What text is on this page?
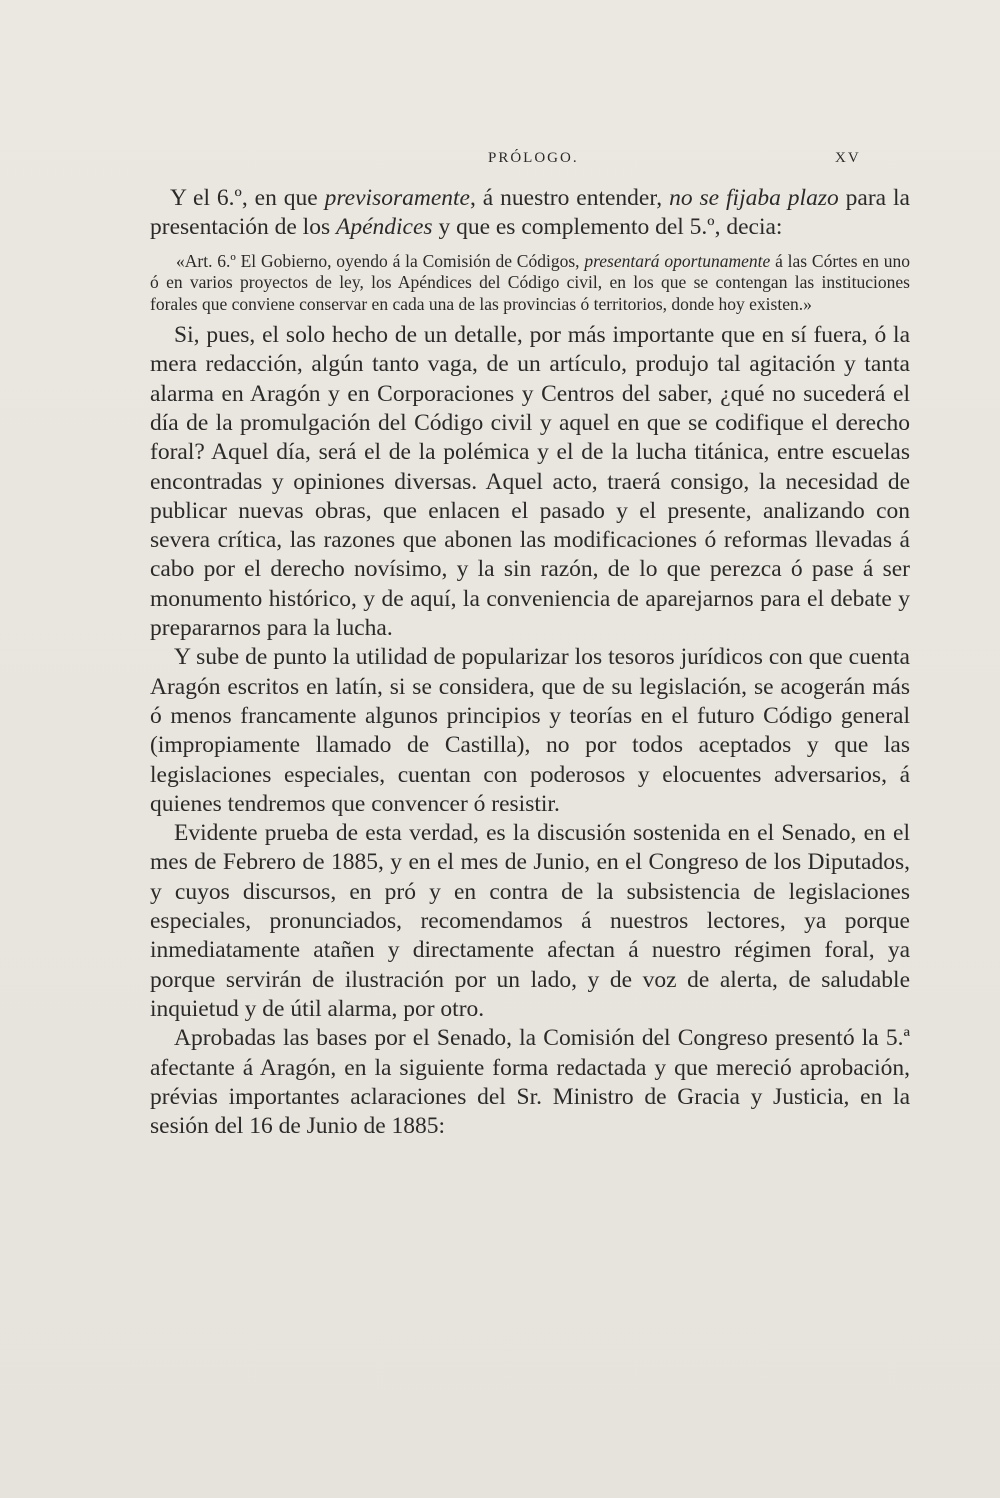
PRÓLOGO.	XV

Y el 6.º, en que previsoramente, á nuestro entender, no se fijaba plazo para la presentación de los Apéndices y que es complemento del 5.º, decia:

«Art. 6.º El Gobierno, oyendo á la Comisión de Códigos, presentará oportunamente á las Córtes en uno ó en varios proyectos de ley, los Apéndices del Código civil, en los que se contengan las instituciones forales que conviene conservar en cada una de las provincias ó territorios, donde hoy existen.»

Si, pues, el solo hecho de un detalle, por más importante que en sí fuera, ó la mera redacción, algún tanto vaga, de un artículo, produjo tal agitación y tanta alarma en Aragón y en Corporaciones y Centros del saber, ¿qué no sucederá el día de la promulgación del Código civil y aquel en que se codifique el derecho foral? Aquel día, será el de la polémica y el de la lucha titánica, entre escuelas encontradas y opiniones diversas. Aquel acto, traerá consigo, la necesidad de publicar nuevas obras, que enlacen el pasado y el presente, analizando con severa crítica, las razones que abonen las modificaciones ó reformas llevadas á cabo por el derecho novísimo, y la sin razón, de lo que perezca ó pase á ser monumento histórico, y de aquí, la conveniencia de aparejarnos para el debate y prepararnos para la lucha.

Y sube de punto la utilidad de popularizar los tesoros jurídicos con que cuenta Aragón escritos en latín, si se considera, que de su legislación, se acogerán más ó menos francamente algunos principios y teorías en el futuro Código general (impropiamente llamado de Castilla), no por todos aceptados y que las legislaciones especiales, cuentan con poderosos y elocuentes adversarios, á quienes tendremos que convencer ó resistir.

Evidente prueba de esta verdad, es la discusión sostenida en el Senado, en el mes de Febrero de 1885, y en el mes de Junio, en el Congreso de los Diputados, y cuyos discursos, en pró y en contra de la subsistencia de legislaciones especiales, pronunciados, recomendamos á nuestros lectores, ya porque inmediatamente atañen y directamente afectan á nuestro régimen foral, ya porque servirán de ilustración por un lado, y de voz de alerta, de saludable inquietud y de útil alarma, por otro.

Aprobadas las bases por el Senado, la Comisión del Congreso presentó la 5.ª afectante á Aragón, en la siguiente forma redactada y que mereció aprobación, prévias importantes aclaraciones del Sr. Ministro de Gracia y Justicia, en la sesión del 16 de Junio de 1885:
